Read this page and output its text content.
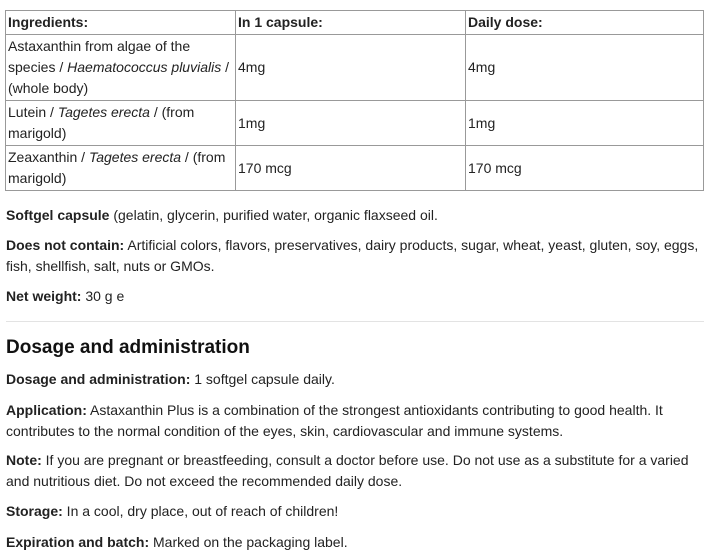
Ingredients:	In 1 capsule:	Daily dose:
Astaxanthin from algae of the species / Haematococcus pluvialis / (whole body)	4mg	4mg
Lutein / Tagetes erecta / (from marigold)	1mg	1mg
Zeaxanthin / Tagetes erecta / (from marigold)	170 mcg	170 mcg

Softgel capsule (gelatin, glycerin, purified water, organic flaxseed oil.

Does not contain: Artificial colors, flavors, preservatives, dairy products, sugar, wheat, yeast, gluten, soy, eggs, fish, shellfish, salt, nuts or GMOs.

Net weight: 30 g e

Dosage and administration

Dosage and administration: 1 softgel capsule daily.

Application: Astaxanthin Plus is a combination of the strongest antioxidants contributing to good health. It contributes to the normal condition of the eyes, skin, cardiovascular and immune systems.

Note: If you are pregnant or breastfeeding, consult a doctor before use. Do not use as a substitute for a varied and nutritious diet. Do not exceed the recommended daily dose.

Storage: In a cool, dry place, out of reach of children!

Expiration and batch: Marked on the packaging label.
